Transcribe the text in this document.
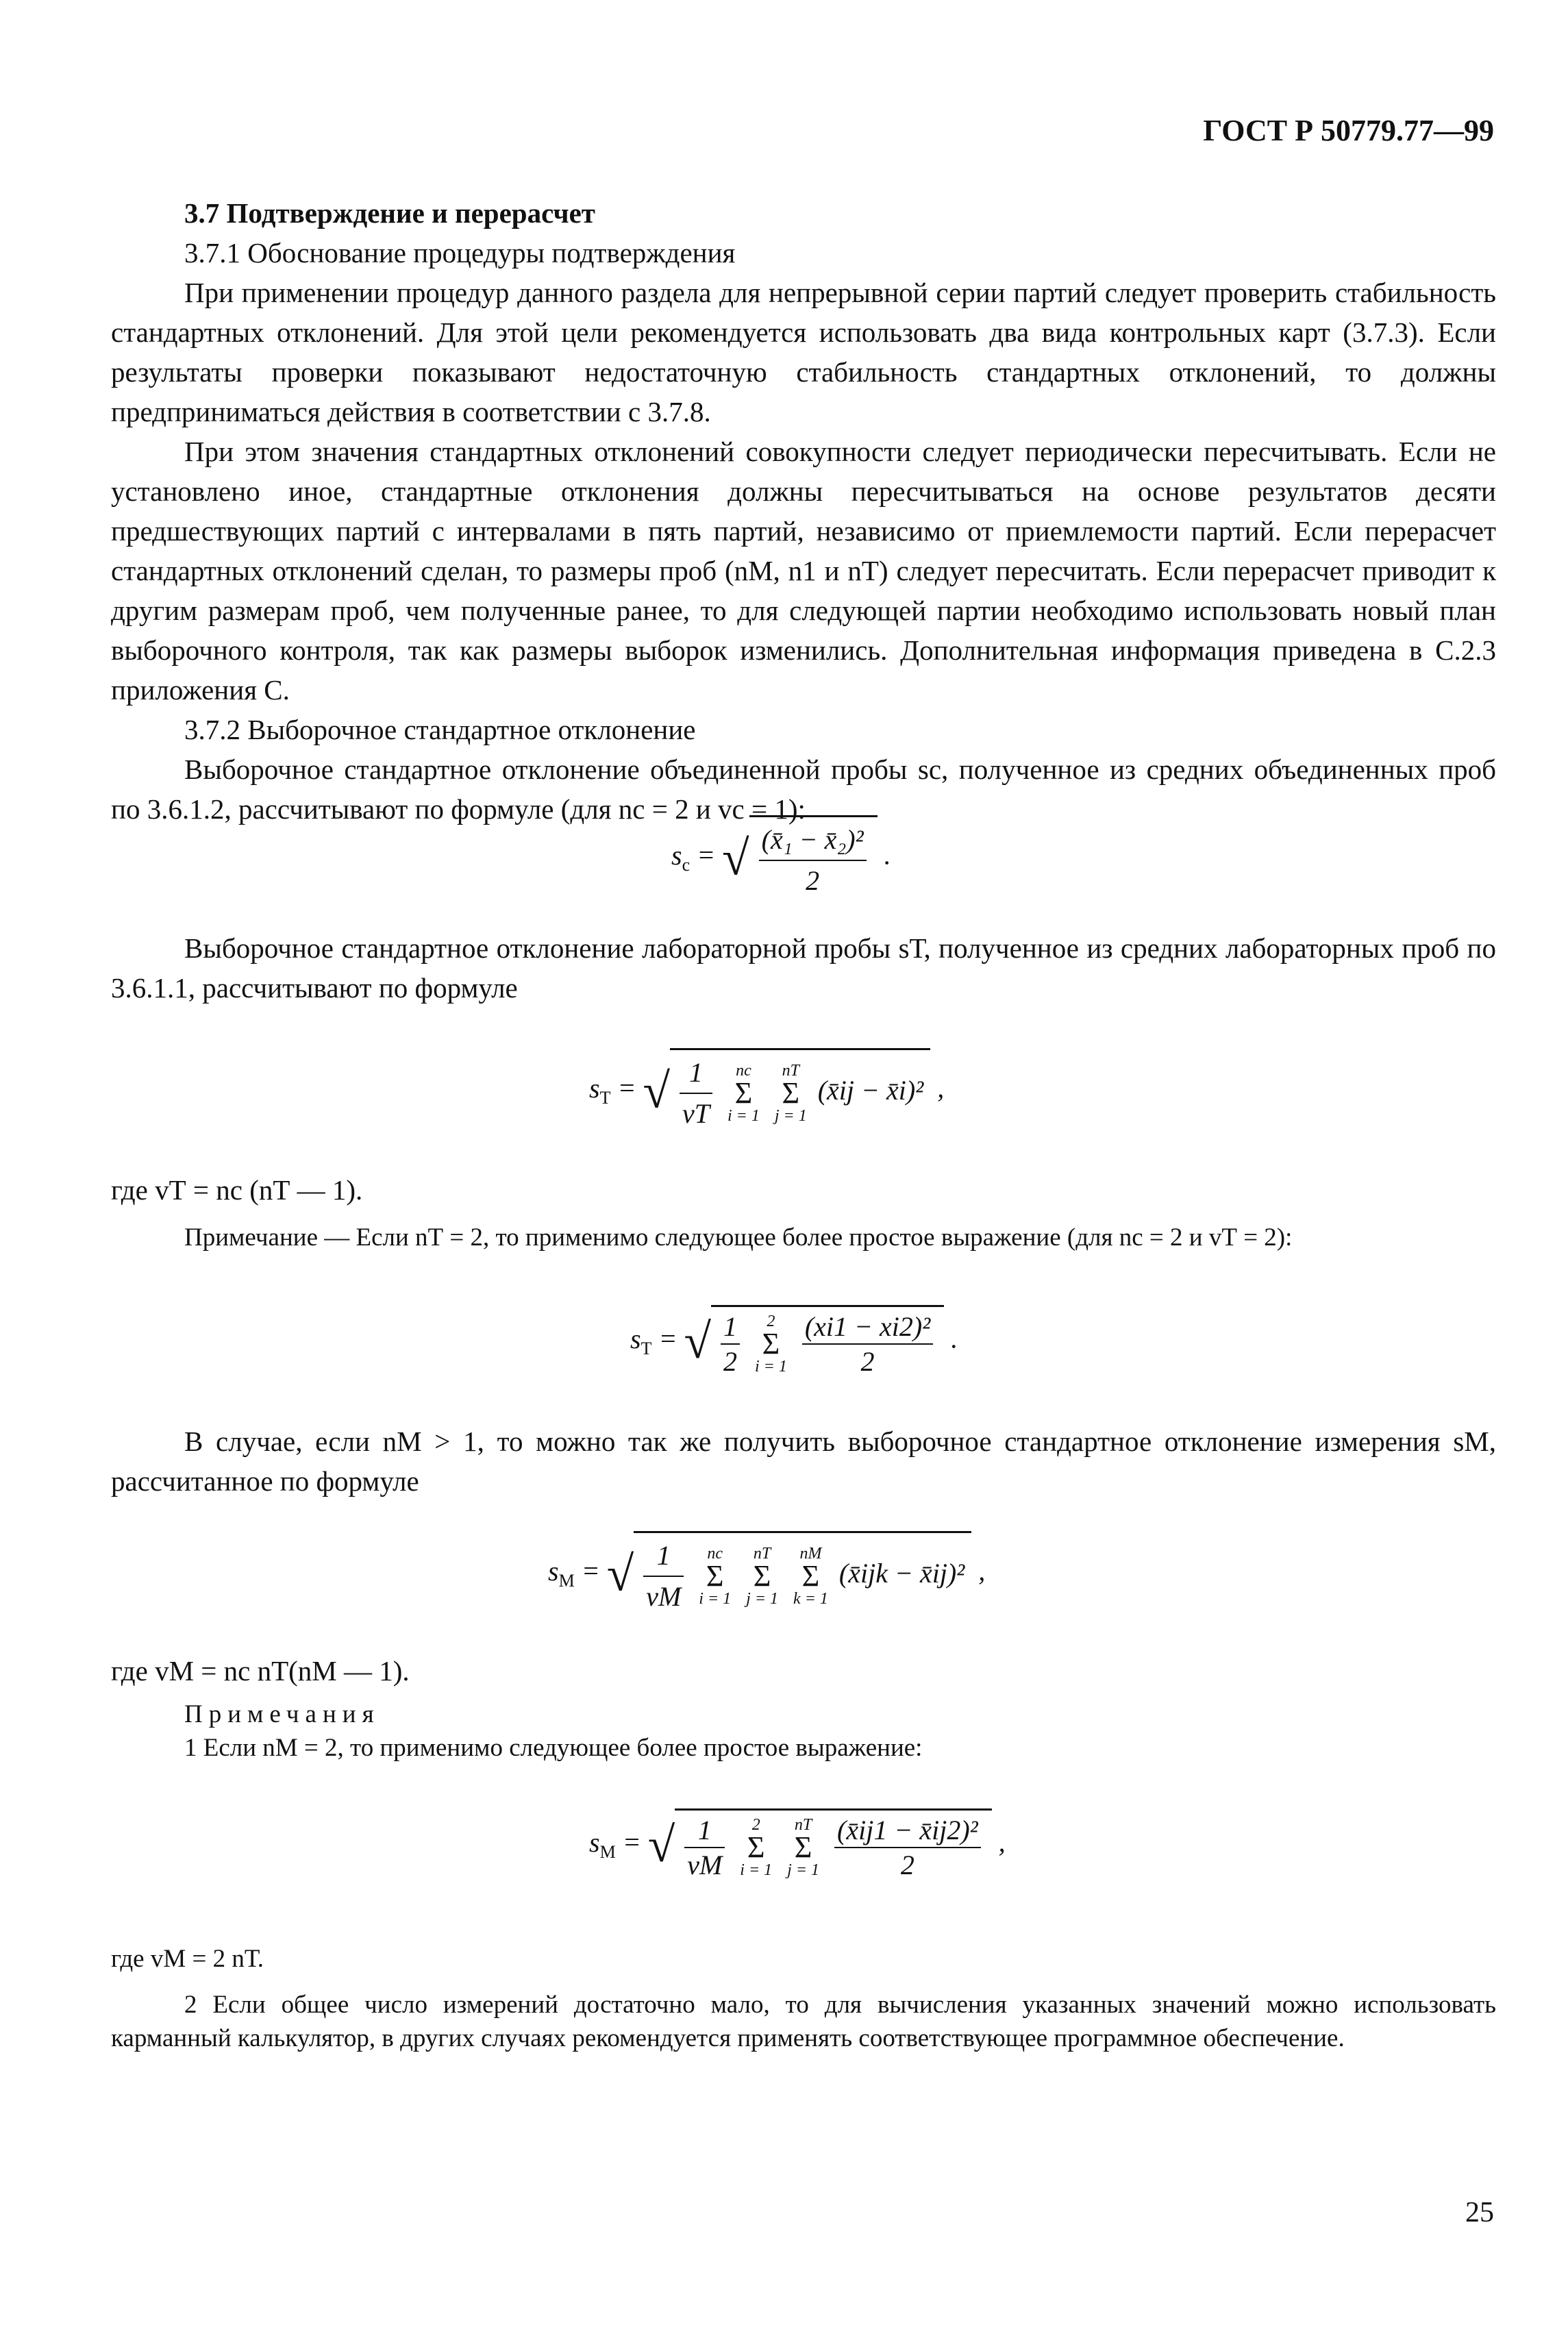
ГОСТ Р 50779.77—99

3.7 Подтверждение и перерасчет

3.7.1 Обоснование процедуры подтверждения

При применении процедур данного раздела для непрерывной серии партий следует проверить стабильность стандартных отклонений. Для этой цели рекомендуется использовать два вида контрольных карт (3.7.3). Если результаты проверки показывают недостаточную стабильность стандартных отклонений, то должны предприниматься действия в соответствии с 3.7.8.

При этом значения стандартных отклонений совокупности следует периодически пересчитывать. Если не установлено иное, стандартные отклонения должны пересчитываться на основе результатов десяти предшествующих партий с интервалами в пять партий, независимо от приемлемости партий. Если перерасчет стандартных отклонений сделан, то размеры проб (nМ, n1 и nТ) следует пересчитать. Если перерасчет приводит к другим размерам проб, чем полученные ранее, то для следующей партии необходимо использовать новый план выборочного контроля, так как размеры выборок изменились. Дополнительная информация приведена в С.2.3 приложения С.

3.7.2 Выборочное стандартное отклонение

Выборочное стандартное отклонение объединенной пробы sс, полученное из средних объединенных проб по 3.6.1.2, рассчитывают по формуле (для nс = 2 и vс = 1):

$s_c$ = √ $\frac{\text{(x̄₁ − x̄₂)²}}{2}$ .

Выборочное стандартное отклонение лабораторной пробы sТ, полученное из средних лабораторных проб по 3.6.1.1, рассчитывают по формуле

$s_Т$ = √ $\frac{1}{vТ}$
	nc
Σ
i = 1

nТ
Σ
j = 1
(x̄ij − x̄i)² ,

где vТ = nс (nТ — 1).

Примечание — Если nТ = 2, то применимо следующее более простое выражение (для nс = 2 и vТ = 2):

$s_Т$ = √ $\frac{1}{2}$
	2
Σ
i = 1
$\frac{\text{(xi1 − xi2)²}}{2}$ .

В случае, если nМ > 1, то можно так же получить выборочное стандартное отклонение измерения sМ, рассчитанное по формуле

$s_М$ = √ $\frac{1}{vМ}$
	nc
Σ
i = 1

nТ
Σ
j = 1

nМ
Σ
k = 1
(x̄ijk − x̄ij)² ,

где vМ = nс nТ(nМ — 1).

Примечания

1 Если nМ = 2, то применимо следующее более простое выражение:

$s_М$ = √ $\frac{1}{vМ}$
	2
Σ
i = 1

nТ
Σ
j = 1
$\frac{\text{(x̄ij1 − x̄ij2)²}}{2}$ ,

где vМ = 2 nТ.

2 Если общее число измерений достаточно мало, то для вычисления указанных значений можно использовать карманный калькулятор, в других случаях рекомендуется применять соответствующее программное обеспечение.

25
